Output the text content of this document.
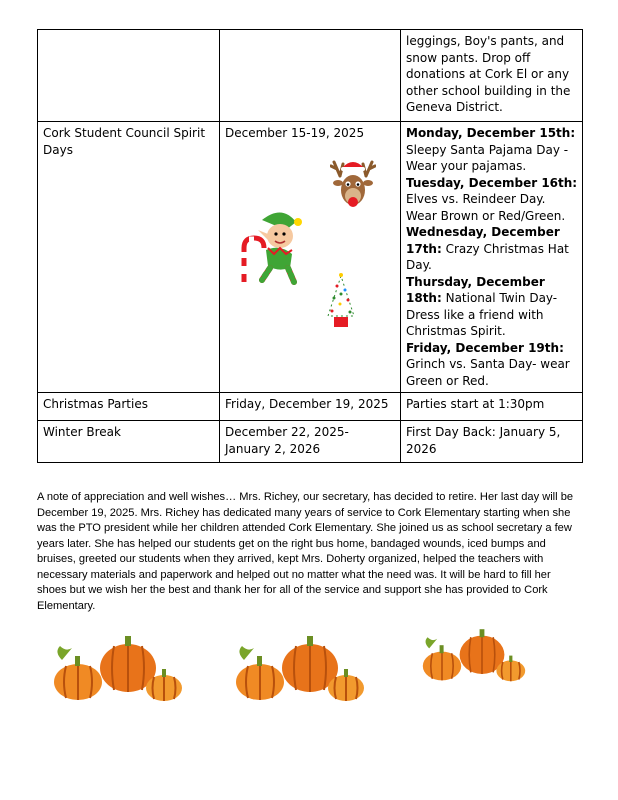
		leggings, Boy's pants, and snow pants. Drop off donations at Cork El or any other school building in the Geneva District.
Cork Student Council Spirit Days	December 15-19, 2025	Monday, December 15th: Sleepy Santa Pajama Day - Wear your pajamas.
Tuesday, December 16th: Elves vs. Reindeer Day. Wear Brown or Red/Green.
Wednesday, December 17th: Crazy Christmas Hat Day.
Thursday, December 18th: National Twin Day- Dress like a friend with Christmas Spirit.
Friday, December 19th: Grinch vs. Santa Day- wear Green or Red.

Christmas Parties	Friday, December 19, 2025	Parties start at 1:30pm
Winter Break	December 22, 2025- January 2, 2026	First Day Back: January 5, 2026

A note of appreciation and well wishes… Mrs. Richey, our secretary, has decided to retire. Her last day will be December 19, 2025. Mrs. Richey has dedicated many years of service to Cork Elementary starting when she was the PTO president while her children attended Cork Elementary. She joined us as school secretary a few years later. She has helped our students get on the right bus home, bandaged wounds, iced bumps and bruises, greeted our students when they arrived, kept Mrs. Doherty organized, helped the teachers with necessary materials and paperwork and helped out no matter what the need was. It will be hard to fill her shoes but we wish her the best and thank her for all of the service and support she has provided to Cork Elementary.
